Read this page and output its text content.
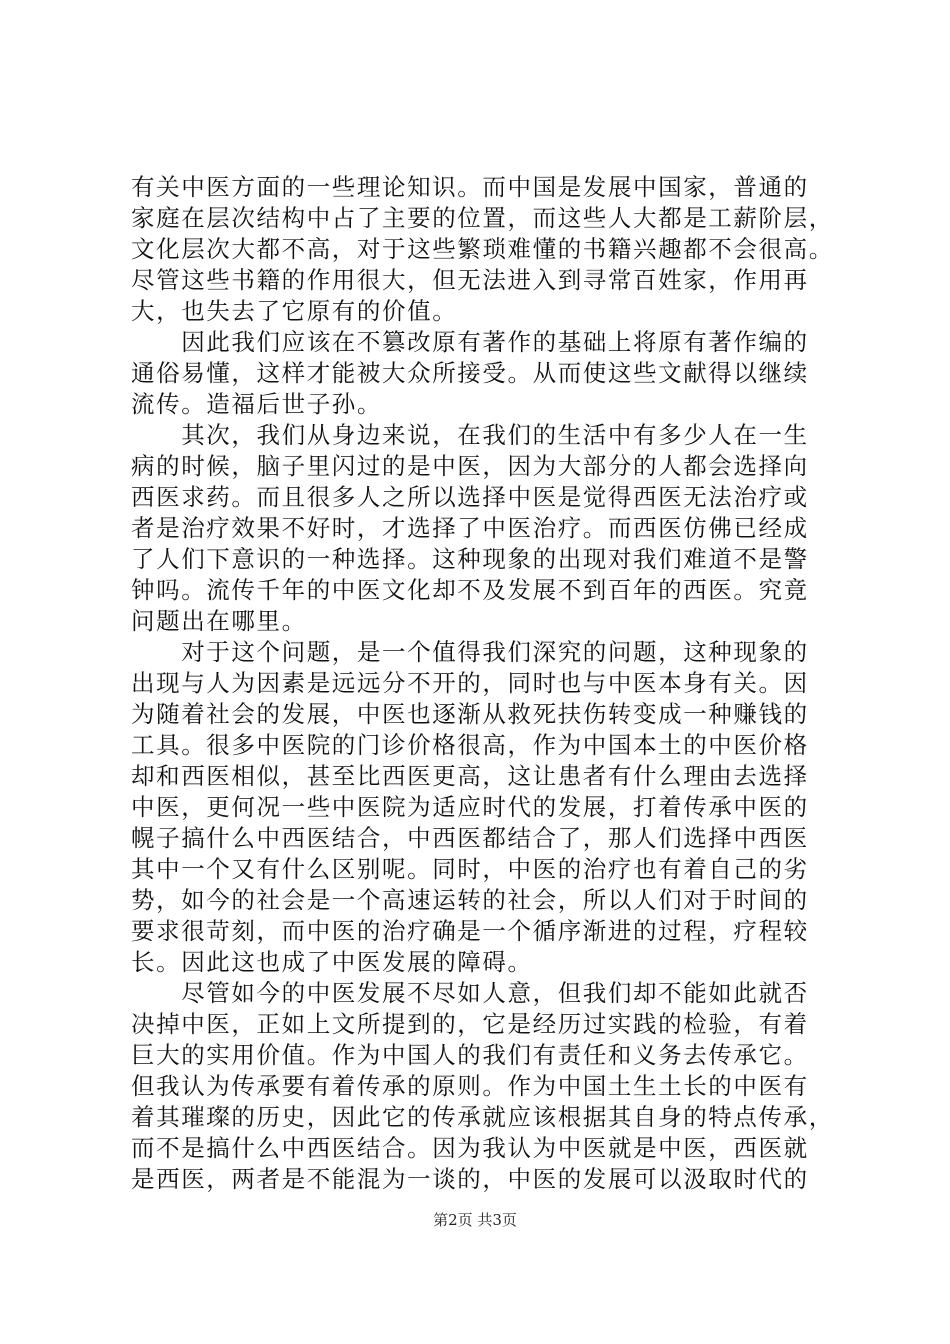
有关中医方面的一些理论知识。而中国是发展中国家，普通的
家庭在层次结构中占了主要的位置，而这些人大都是工薪阶层，
文化层次大都不高，对于这些繁琐难懂的书籍兴趣都不会很高。
尽管这些书籍的作用很大，但无法进入到寻常百姓家，作用再
大，也失去了它原有的价值。
　　因此我们应该在不篡改原有著作的基础上将原有著作编的
通俗易懂，这样才能被大众所接受。从而使这些文献得以继续
流传。造福后世子孙。
　　其次，我们从身边来说，在我们的生活中有多少人在一生
病的时候，脑子里闪过的是中医，因为大部分的人都会选择向
西医求药。而且很多人之所以选择中医是觉得西医无法治疗或
者是治疗效果不好时，才选择了中医治疗。而西医仿佛已经成
了人们下意识的一种选择。这种现象的出现对我们难道不是警
钟吗。流传千年的中医文化却不及发展不到百年的西医。究竟
问题出在哪里。
　　对于这个问题，是一个值得我们深究的问题，这种现象的
出现与人为因素是远远分不开的，同时也与中医本身有关。因
为随着社会的发展，中医也逐渐从救死扶伤转变成一种赚钱的
工具。很多中医院的门诊价格很高，作为中国本土的中医价格
却和西医相似，甚至比西医更高，这让患者有什么理由去选择
中医，更何况一些中医院为适应时代的发展，打着传承中医的
幌子搞什么中西医结合，中西医都结合了，那人们选择中西医
其中一个又有什么区别呢。同时，中医的治疗也有着自己的劣
势，如今的社会是一个高速运转的社会，所以人们对于时间的
要求很苛刻，而中医的治疗确是一个循序渐进的过程，疗程较
长。因此这也成了中医发展的障碍。
　　尽管如今的中医发展不尽如人意，但我们却不能如此就否
决掉中医，正如上文所提到的，它是经历过实践的检验，有着
巨大的实用价值。作为中国人的我们有责任和义务去传承它。
但我认为传承要有着传承的原则。作为中国土生土长的中医有
着其璀璨的历史，因此它的传承就应该根据其自身的特点传承，
而不是搞什么中西医结合。因为我认为中医就是中医，西医就
是西医，两者是不能混为一谈的，中医的发展可以汲取时代的
第2页 共3页
